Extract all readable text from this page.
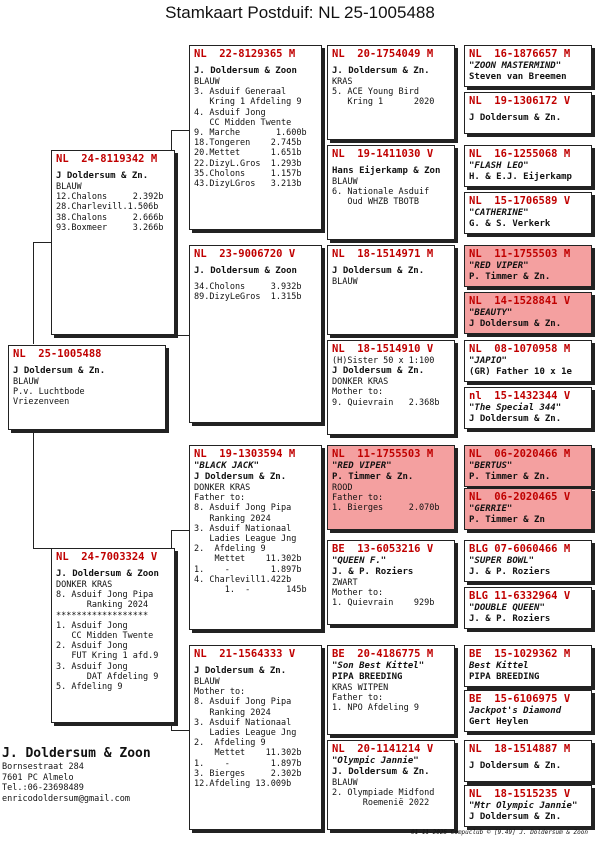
Stamkaart Postduif: NL 25-1005488
NL  25-1005488
J Doldersum & Zn.
BLAUW
P.v. Luchtbode
Vriezenveen
NL  24-8119342 M
J Doldersum & Zn.
BLAUW
12.Chalons     2.392b
28.Charlevill.1.506b
38.Chalons     2.666b
93.Boxmeer     3.266b
NL  24-7003324 V
J. Doldersum & Zoon
DONKER KRAS
8. Asduif Jong Pipa
Ranking 2024
******************
1. Asduif Jong
CC Midden Twente
2. Asduif Jong
FUT Kring 1 afd.9
3. Asduif Jong
DAT Afdeling 9
5. Afdeling 9
NL  22-8129365 M
J. Doldersum & Zoon
BLAUW
3. Asduif Generaal
Kring 1 Afdeling 9
4. Asduif Jong
CC Midden Twente
9. Marche       1.600b
18.Tongeren    2.745b
20.Mettet      1.651b
22.DizyL.Gros  1.293b
35.Cholons     1.157b
43.DizyLGros   3.213b
NL  23-9006720 V
J. Doldersum & Zoon
34.Cholons     3.932b
89.DizyLeGros  1.315b
NL  19-1303594 M
"BLACK JACK"
J Doldersum & Zn.
DONKER KRAS
Father to:
8. Asduif Jong Pipa
Ranking 2024
3. Asduif Nationaal
Ladies League Jng
2.  Afdeling 9
Mettet    11.302b
1.    -        1.897b
4. Charlevill1.422b
1.  -       145b
NL  21-1564333 V
J Doldersum & Zn.
BLAUW
Mother to:
8. Asduif Jong Pipa
Ranking 2024
3. Asduif Nationaal
Ladies League Jng
2.  Afdeling 9
Mettet    11.302b
1.    -        1.897b
3. Bierges     2.302b
12.Afdeling 13.009b
NL  20-1754049 M
J. Doldersum & Zn.
KRAS
5. ACE Young Bird
Kring 1      2020
NL  19-1411030 V
Hans Eijerkamp & Zon
BLAUW
6. Nationale Asduif
Oud WHZB TBOTB
NL  18-1514971 M
J Doldersum & Zn.
BLAUW
NL  18-1514910 V
(H)Sister 50 x 1:100
J Doldersum & Zn.
DONKER KRAS
Mother to:
9. Quievrain   2.368b
NL  11-1755503 M
"RED VIPER"
P. Timmer & Zn.
ROOD
Father to:
1. Bierges     2.070b
BE  13-6053216 V
"QUEEN F."
J. & P. Roziers
ZWART
Mother to:
1. Quievrain    929b
BE  20-4186775 M
"Son Best Kittel"
PIPA BREEDING
KRAS WITPEN
Father to:
1. NPO Afdeling 9
NL  20-1141214 V
"Olympic Jannie"
J. Doldersum & Zn.
BLAUW
2. Olympiade Midfond
Roemenië 2022
NL  16-1876657 M
"ZOON MASTERMIND"
Steven van Breemen
NL  19-1306172 V
J Doldersum & Zn.
NL  16-1255068 M
"FLASH LEO"
H. & E.J. Eijerkamp
NL  15-1706589 V
"CATHERINE"
G. & S. Verkerk
NL  11-1755503 M
"RED VIPER"
P. Timmer & Zn.
NL  14-1528841 V
"BEAUTY"
J Doldersum & Zn.
NL  08-1070958 M
"JAPIO"
(GR) Father 10 x 1e
nl  15-1432344 V
"The Special 344"
J Doldersum & Zn.
NL  06-2020466 M
"BERTUS"
P. Timmer & Zn.
NL  06-2020465 V
"GERRIE"
P. Timmer & Zn
BLG 07-6060466 M
"SUPER BOWL"
J. & P. Roziers
BLG 11-6332964 V
"DOUBLE QUEEN"
J. & P. Roziers
BE  15-1029362 M
Best Kittel
PIPA BREEDING
BE  15-6106975 V
Jackpot's Diamond
Gert Heylen
NL  18-1514887 M
J Doldersum & Zn.
NL  18-1515235 V
"Mtr Olympic Jannie"
J Doldersum & Zn.
J. Doldersum & Zoon
Bornsestraat 284
7601 PC Almelo
Tel.:06-23698489
enricodoldersum@gmail.com
01-11-2025 Compuclub © [9.49] J. Doldersum & Zoon
